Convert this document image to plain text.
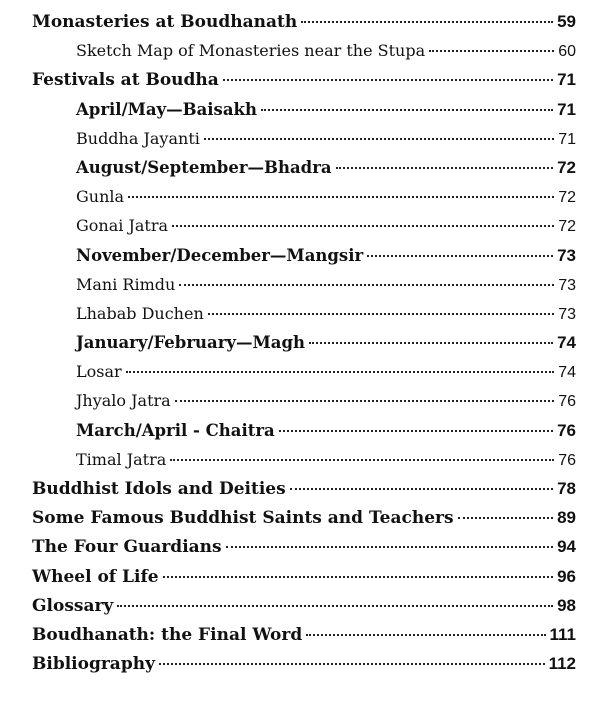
Monasteries at Boudhanath	59
Sketch Map of Monasteries near the Stupa	60
Festivals at Boudha	71
April/May—Baisakh	71
Buddha Jayanti	71
August/September—Bhadra	72
Gunla	72
Gonai Jatra	72
November/December—Mangsir	73
Mani Rimdu	73
Lhabab Duchen	73
January/February—Magh	74
Losar	74
Jhyalo Jatra	76
March/April - Chaitra	76
Timal Jatra	76
Buddhist Idols and Deities	78
Some Famous Buddhist Saints and Teachers	89
The Four Guardians	94
Wheel of Life	96
Glossary	98
Boudhanath: the Final Word	111
Bibliography	112
